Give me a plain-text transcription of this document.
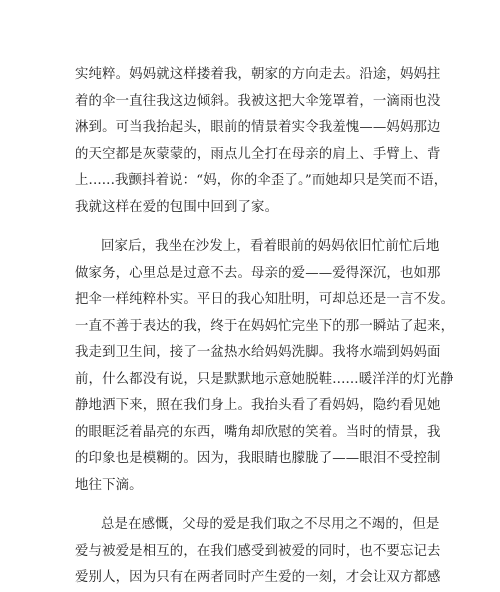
实纯粹。妈妈就这样搂着我，朝家的方向走去。沿途，妈妈拄
着的伞一直往我这边倾斜。我被这把大伞笼罩着，一滴雨也没
淋到。可当我抬起头，眼前的情景着实令我羞愧——妈妈那边
的天空都是灰蒙蒙的，雨点儿全打在母亲的肩上、手臂上、背
上......我颤抖着说：“妈，你的伞歪了。”而她却只是笑而不语，
我就这样在爱的包围中回到了家。
回家后，我坐在沙发上，看着眼前的妈妈依旧忙前忙后地
做家务，心里总是过意不去。母亲的爱——爱得深沉，也如那
把伞一样纯粹朴实。平日的我心知肚明，可却总还是一言不发。
一直不善于表达的我，终于在妈妈忙完坐下的那一瞬站了起来，
我走到卫生间，接了一盆热水给妈妈洗脚。我将水端到妈妈面
前，什么都没有说，只是默默地示意她脱鞋......暖洋洋的灯光静
静地洒下来，照在我们身上。我抬头看了看妈妈，隐约看见她
的眼眶泛着晶亮的东西，嘴角却欣慰的笑着。当时的情景，我
的印象也是模糊的。因为，我眼睛也朦胧了——眼泪不受控制
地往下滴。
总是在感慨，父母的爱是我们取之不尽用之不竭的，但是
爱与被爱是相互的，在我们感受到被爱的同时，也不要忘记去
爱别人，因为只有在两者同时产生爱的一刻，才会让双方都感
